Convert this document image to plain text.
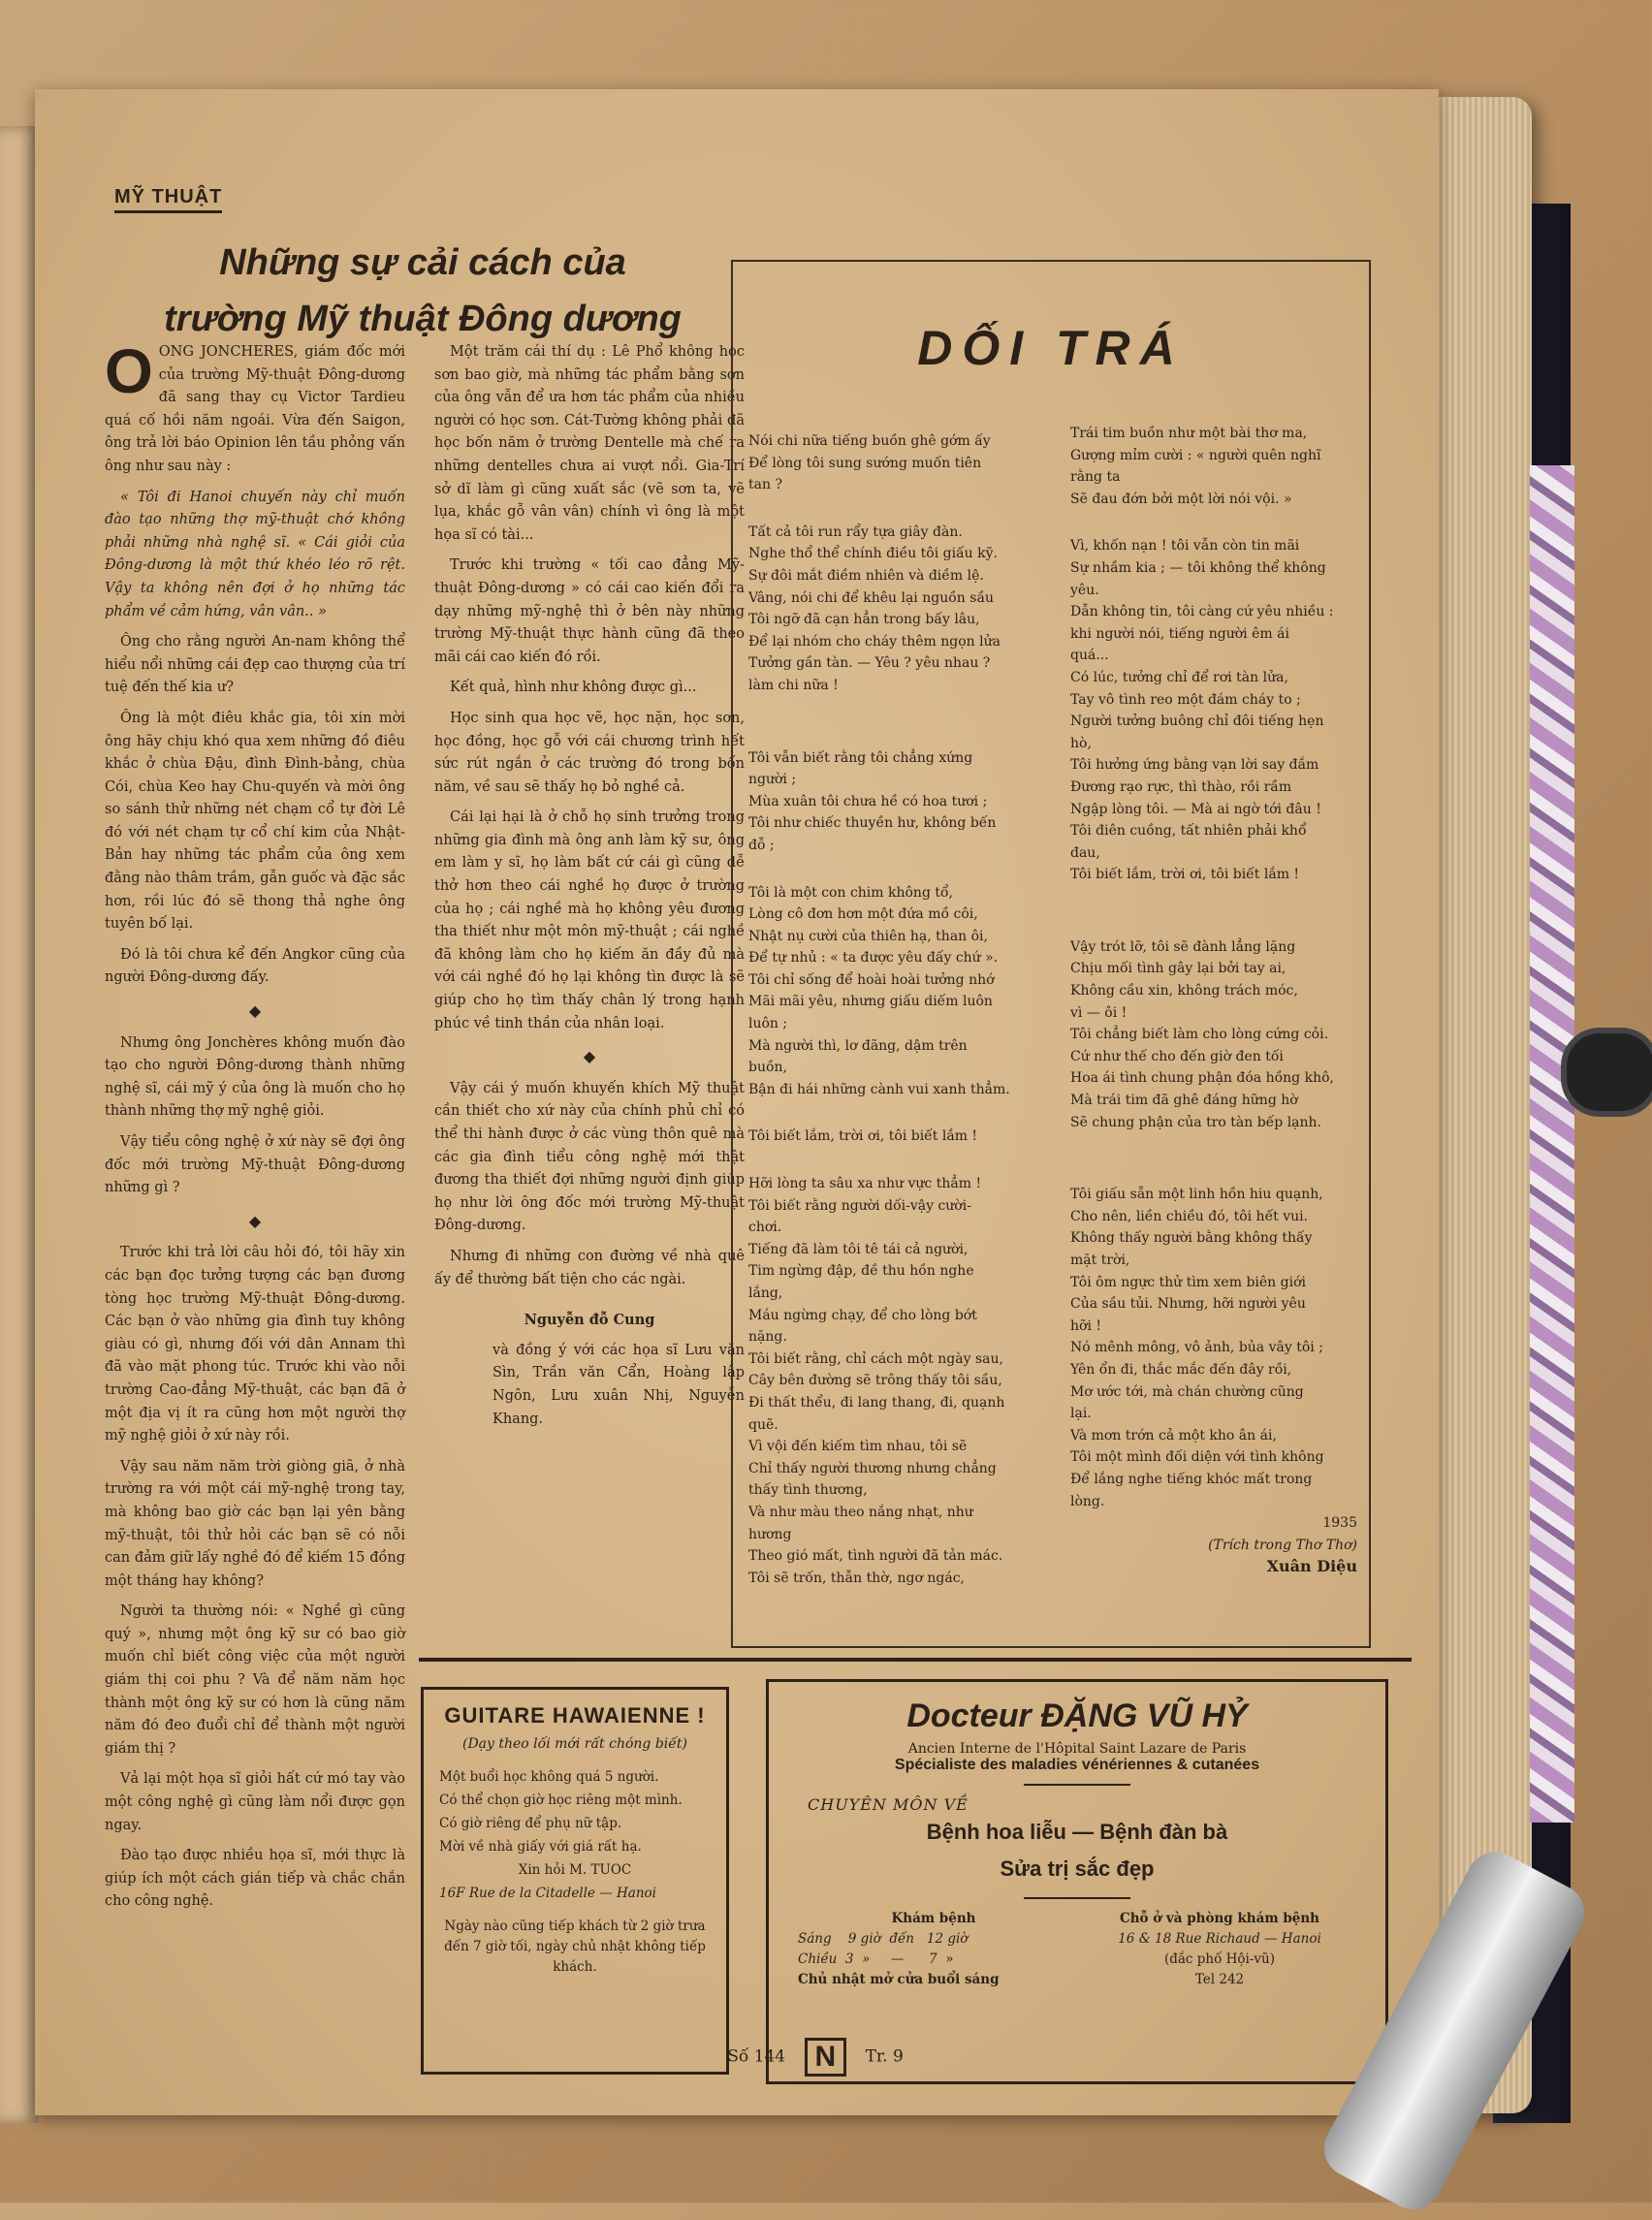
MỸ THUẬT
Những sự cải cách của
trường Mỹ thuật Đông dương

OONG JONCHERES, giám đốc mới của trường Mỹ-thuật Đông-dương đã sang thay cụ Victor Tardieu quá cố hồi năm ngoái. Vừa đến Saigon, ông trả lời báo Opinion lên tầu phỏng vấn ông như sau này :

« Tôi đi Hanoi chuyến này chỉ muốn đào tạo những thợ mỹ-thuật chớ không phải những nhà nghệ sĩ. « Cái giỏi của Đông-dương là một thứ khéo léo rõ rệt. Vậy ta không nên đợi ở họ những tác phẩm về cảm hứng, vân vân.. »

Ông cho rằng người An-nam không thể hiểu nổi những cái đẹp cao thượng của trí tuệ đến thế kia ư?

Ông là một điêu khắc gia, tôi xin mời ông hãy chịu khó qua xem những đồ điêu khắc ở chùa Đậu, đình Đình-bảng, chùa Cói, chùa Keo hay Chu-quyến và mời ông so sánh thử những nét chạm cổ tự đời Lê đó với nét chạm tự cổ chí kim của Nhật-Bản hay những tác phẩm của ông xem đằng nào thâm trầm, gẫn guốc và đặc sắc hơn, rồi lúc đó sẽ thong thả nghe ông tuyên bố lại.

Đó là tôi chưa kể đến Angkor cũng của người Đông-dương đấy.

◆

Nhưng ông Jonchères không muốn đào tạo cho người Đông-dương thành những nghệ sĩ, cái mỹ ý của ông là muốn cho họ thành những thợ mỹ nghệ giỏi.

Vậy tiểu công nghệ ở xứ này sẽ đợi ông đốc mới trường Mỹ-thuật Đông-dương những gì ?

◆

Trước khi trả lời câu hỏi đó, tôi hãy xin các bạn đọc tưởng tượng các bạn đương tòng học trường Mỹ-thuật Đông-dương. Các bạn ở vào những gia đình tuy không giàu có gì, nhưng đối với dân Annam thì đã vào mặt phong túc. Trước khi vào nỗi trường Cao-đẳng Mỹ-thuật, các bạn đã ở một địa vị ít ra cũng hơn một người thợ mỹ nghệ giỏi ở xứ này rồi.

Vậy sau năm năm trời giòng giã, ở nhà trường ra với một cái mỹ-nghệ trong tay, mà không bao giờ các bạn lại yên bằng mỹ-thuật, tôi thử hỏi các bạn sẽ có nỗi can đảm giữ lấy nghề đó để kiếm 15 đồng một tháng hay không?

Người ta thường nói: « Nghề gì cũng quý », nhưng một ông kỹ sư có bao giờ muốn chỉ biết công việc của một người giám thị coi phu ? Và để năm năm học thành một ông kỹ sư có hơn là cũng năm năm đó đeo đuổi chỉ để thành một người giám thị ?

Vả lại một họa sĩ giỏi hất cứ mó tay vào một công nghệ gì cũng làm nổi được gọn ngay.

Đào tạo được nhiều họa sĩ, mới thực là giúp ích một cách gián tiếp và chắc chắn cho công nghệ.

Một trăm cái thí dụ : Lê Phổ không học sơn bao giờ, mà những tác phẩm bằng sơn của ông vẫn để ưa hơn tác phẩm của nhiều người có học sơn. Cát-Tường không phải đã học bốn năm ở trường Dentelle mà chế ra những dentelles chưa ai vượt nổi. Gia-Trí sở dĩ làm gì cũng xuất sắc (vẽ sơn ta, vẽ lụa, khắc gỗ vân vân) chính vì ông là một họa sĩ có tài...

Trước khi trường « tối cao đẳng Mỹ-thuật Đông-dương » có cái cao kiến đổi ra dạy những mỹ-nghệ thì ở bên này những trường Mỹ-thuật thực hành cũng đã theo mãi cái cao kiến đó rồi.

Kết quả, hình như không được gì...

Học sinh qua học vẽ, học nặn, học sơn, học đồng, học gỗ với cái chương trình hết sức rút ngắn ở các trường đó trong bốn năm, về sau sẽ thấy họ bỏ nghề cả.

Cái lại hại là ở chỗ họ sinh trưởng trong những gia đình mà ông anh làm kỹ sư, ông em làm y sĩ, họ làm bất cứ cái gì cũng dễ thở hơn theo cái nghề họ được ở trường của họ ; cái nghề mà họ không yêu đương tha thiết như một môn mỹ-thuật ; cái nghề đã không làm cho họ kiếm ăn đầy đủ mà với cái nghề đó họ lại không tìn được là sẽ giúp cho họ tìm thấy chân lý trong hạnh phúc về tinh thần của nhân loại.

◆

Vậy cái ý muốn khuyến khích Mỹ thuật cần thiết cho xứ này của chính phủ chỉ có thể thi hành được ở các vùng thôn quê mà các gia đình tiểu công nghệ mới thật đương tha thiết đợi những người định giúp họ như lời ông đốc mới trường Mỹ-thuật Đông-dương.

Nhưng đi những con đường về nhà quê ấy để thường bất tiện cho các ngài.

Nguyễn đỗ Cung

và đồng ý với các họa sĩ Lưu văn Sìn, Trần văn Cẩn, Hoàng lập Ngôn, Lưu xuân Nhị, Nguyễn Khang.

DỐI TRÁ
Nói chi nữa tiếng buồn ghê gớm ấy
Để lòng tôi sung sướng muốn tiên
tan ?
Tất cả tôi run rẩy tựa giây đàn.
Nghe thổ thể chính điều tôi giấu kỹ.
Sự đôi mắt điềm nhiên và điềm lệ.
Vâng, nói chi để khêu lại nguồn sầu
Tôi ngỡ đã cạn hẳn trong bấy lâu,
Để lại nhóm cho cháy thêm ngọn lửa
Tưởng gần tàn. — Yêu ? yêu nhau ?
làm chi nữa !
Tôi vẫn biết rằng tôi chẳng xứng
người ;
Mùa xuân tôi chưa hề có hoa tươi ;
Tôi như chiếc thuyền hư, không bến
đỗ ;
Tôi là một con chim không tổ,
Lòng cô đơn hơn một đứa mồ côi,
Nhật nụ cười của thiên hạ, than ôi,
Để tự nhủ : « ta được yêu đấy chứ ».
Tôi chỉ sống để hoài hoài tưởng nhớ
Mãi mãi yêu, nhưng giấu diếm luôn
luôn ;
Mà người thì, lơ đãng, dậm trên
buồn,
Bận đi hái những cành vui xanh thẳm.
Tôi biết lắm, trời ơi, tôi biết lắm !
Hỡi lòng ta sâu xa như vực thẳm !
Tôi biết rằng người dối-vậy cười-
chơi.
Tiếng đã làm tôi tê tái cả người,
Tim ngừng đập, đề thu hồn nghe
lắng,
Máu ngừng chạy, để cho lòng bớt
nặng.
Tôi biết rằng, chỉ cách một ngày sau,
Cây bên đường sẽ trông thấy tôi sầu,
Đi thất thểu, đi lang thang, đi, quạnh
quẽ.
Vì vội đến kiếm tìm nhau, tôi sẽ
Chỉ thấy người thương nhưng chẳng
thấy tình thương,
Và như màu theo nắng nhạt, như
hương
Theo gió mất, tình người đã tản mác.
Tôi sẽ trốn, thẫn thờ, ngơ ngác,
Trái tim buồn như một bài thơ ma,
Gượng mỉm cười : « người quên nghĩ
rằng ta
Sẽ đau đớn bởi một lời nói vội. »
Vì, khốn nạn ! tôi vẫn còn tin mãi
Sự nhầm kia ; — tôi không thể không
yêu.
Dẫn không tin, tôi càng cứ yêu nhiều :
khi người nói, tiếng người êm ái
quá...
Có lúc, tưởng chỉ để rơi tàn lửa,
Tay vô tình reo một đám cháy to ;
Người tưởng buông chỉ đôi tiếng hẹn
hò,
Tôi hưởng ứng bằng vạn lời say đắm
Đương rạo rực, thì thào, rồi rầm
Ngập lòng tôi. — Mà ai ngờ tới đâu !
Tôi điên cuồng, tất nhiên phải khổ
đau,
Tôi biết lắm, trời ơi, tôi biết lắm !
Vậy trót lỡ, tôi sẽ đành lẳng lặng
Chịu mối tình gây lại bởi tay ai,
Không cầu xin, không trách móc,
vì — ôi !
Tôi chẳng biết làm cho lòng cứng cỏi.
Cứ như thế cho đến giờ đen tối
Hoa ái tình chung phận đóa hồng khô,
Mà trái tim đã ghê đáng hững hờ
Sẽ chung phận của tro tàn bếp lạnh.
Tôi giấu sẵn một linh hồn hiu quạnh,
Cho nên, liền chiều đó, tôi hết vui.
Không thấy người bằng không thấy
mặt trời,
Tôi ôm ngực thử tìm xem biên giới
Của sầu tủi. Nhưng, hỡi người yêu
hỡi !
Nó mênh mông, vô ảnh, bủa vây tôi ;
Yên ổn đi, thắc mắc đến đây rồi,
Mơ ước tới, mà chán chường cũng
lại.
Và mơn trớn cả một kho ân ái,
Tôi một mình đối diện với tình không
Để lắng nghe tiếng khóc mất trong
lòng.
1935
(Trích trong Thơ Thơ)
Xuân Diệu
GUITARE HAWAIENNE !
(Dạy theo lối mới rất chóng biết)
Một buổi học không quá 5 người.
Có thể chọn giờ học riêng một mình.
Có giờ riêng để phụ nữ tập.
Mời về nhà giấy với giá rất hạ.
Xin hỏi M. TUOC
16F Rue de la Citadelle — Hanoi
Ngày nào cũng tiếp khách từ 2 giờ trưa đến 7 giờ tối, ngày chủ nhật không tiếp khách.
Docteur ĐẶNG VŨ HỶ
Ancien Interne de l'Hôpital Saint Lazare de Paris
Spécialiste des maladies vénériennes & cutanées
CHUYÊN MÔN VỀ
Bệnh hoa liễu — Bệnh đàn bà
Sửa trị sắc đẹp
Khám bệnh
Sáng    9 giờ  đến   12 giờ
Chiều  3  »     —      7  »
Chủ nhật mở cửa buổi sáng
Chỗ ở và phòng khám bệnh
16 & 18 Rue Richaud — Hanoi
(đắc phố Hội-vũ)
Tel 242
Số 144 N Tr. 9
